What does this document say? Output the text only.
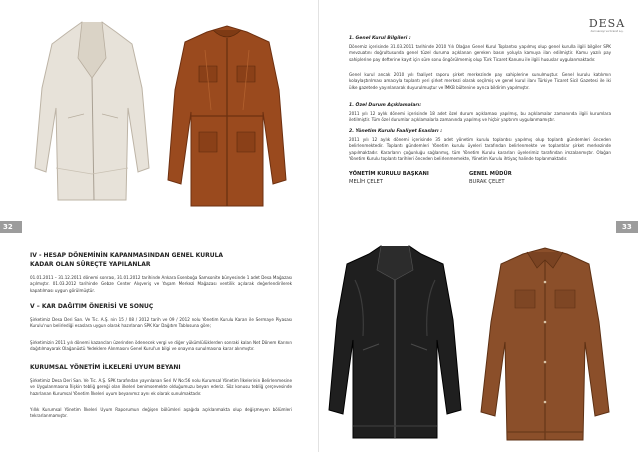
32
IV - HESAP DÖNEMİNİN KAPANMASINDAN GENEL KURULA
KADAR OLAN SÜREÇTE YAPILANLAR

01.01.2011 – 31.12.2011 dönemi sonrası, 31.01.2012 tarihinde Ankara Esenboğa Samsonite bünyesinde 1 adet Desa Mağazası açılmıştır. 01.03.2012 tarihinde Gebze Center Alışveriş ve Yaşam Merkezi Mağazası ventilik açılarak değerlendirilerek kapatılması uygun görülmüştür.

V – KAR DAĞITIM ÖNERİSİ VE SONUÇ

Şirketimiz Desa Deri San. Ve Tic. A.Ş. nin 15 / 08 / 2012 tarih ve 09 / 2012 nolu Yönetim Kurulu Kararı ile Sermaye Piyasası Kurulu'nun belirlediği esaslara uygun olarak hazırlanan SPK Kar Dağıtım Tablosuna göre;

Şirketimizin 2011 yılı dönemi kazancları üzerinden ödenecek vergi ve diğer yükümlülüklerden sonraki kalan Net Dönem Karının dağıtılmayarak Olağanüstü Yedeklere Alınmasını Genel Kurul'un bilgi ve onayına sunulmasına karar alınmıştır.

KURUMSAL YÖNETİM İLKELERİ UYUM BEYANI

Şirketimiz Desa Deri San. Ve Tic. A.Ş. SPK tarafından yayınlanan Seri IV No:56 nolu Kurumsal Yönetim İlkelerinin Belirlenmesine ve Uygulanmasına İlişkin tebliğ gereği olan ilkeleri benimsemekte olduğumuzu beyan ederiz. Söz konusu tebliğ çerçevesinde hazırlanan Kurumsal Yönetim İlkeleri uyum beyanımız aynı ek olarak sunulmaktadır.

Yıllık Kurumsal Yönetim İlkeleri Uyum Raporumun değişen bölümleri aşağıda açıklanmakta olup değişmeyen bölümleri tekrarlanmamıştır.

DESA
deri sanayi ve ticaret a.ş.
1. Genel Kurul Bilgileri :

Dönemiz içerisinde 31.03.2011 tarihinde 2010 Yılı Olağan Genel Kurul Toplantısı yapılmış olup genel kurulla ilgili bilgiler SPK mevzuatını doğrultusunda genel tüzel duruma açıklanan gereken basın yoluyla kamuya ilan edilmiştir. Kamu yazılı pay sahiplerine pay defterine kayıt için süre sonu öngörülmemiş olup Türk Ticaret Kanunu ile ilgili hususlar uygulanmaktadır.

Genel kurul ancak 2010 yılı faaliyet raporu şirket merkezinde pay sahiplerine sunulmuştur. Genel kurulu katılımın kolaylaştırılması amacıyla toplantı yeri şirket merkezi olarak seçilmiş ve genel kurul ilanı Türkiye Ticaret Sicil Gazetesi ile iki ülke gazetede yayınlanarak duyurulmuştur ve İMKB bültenine ayrıca bildirim yapılmıştır.

1. Özel Durum Açıklamaları:

2011 yılı 12 aylık dönemi içerisinde 18 adet özel durum açıklaması yapılmış, bu açıklamalar zamanında ilgili kurumlara iletilmiştir. Tüm özel durumlar açıklamalarla zamanında yapılmış ve hiçbir yaptırım uygulanmamıştır.

2. Yönetim Kurulu Faaliyet Esasları :

2011 yılı 12 aylık dönemi içerisinde 35 adet yönetim kurulu toplantısı yapılmış olup toplantı gündemleri önceden belirlenmektedir. Toplantı gündemleri Yönetim kurulu üyeleri tarafından belirlenmekte ve toplantılar şirket merkezinde yapılmaktadır. Kararların çoğunluğu sağlanmış, tüm Yönetim Kurulu kararları üyelerimiz tarafından imzalanmıştır. Olağan Yönetim Kurulu toplantı tarihleri önceden belirlenmemekte, Yönetim Kurulu ihtiyaç halinde toplanmaktadır.

YÖNETİM KURULU BAŞKANI
MELİH ÇELET
GENEL MÜDÜR
BURAK ÇELET
33
